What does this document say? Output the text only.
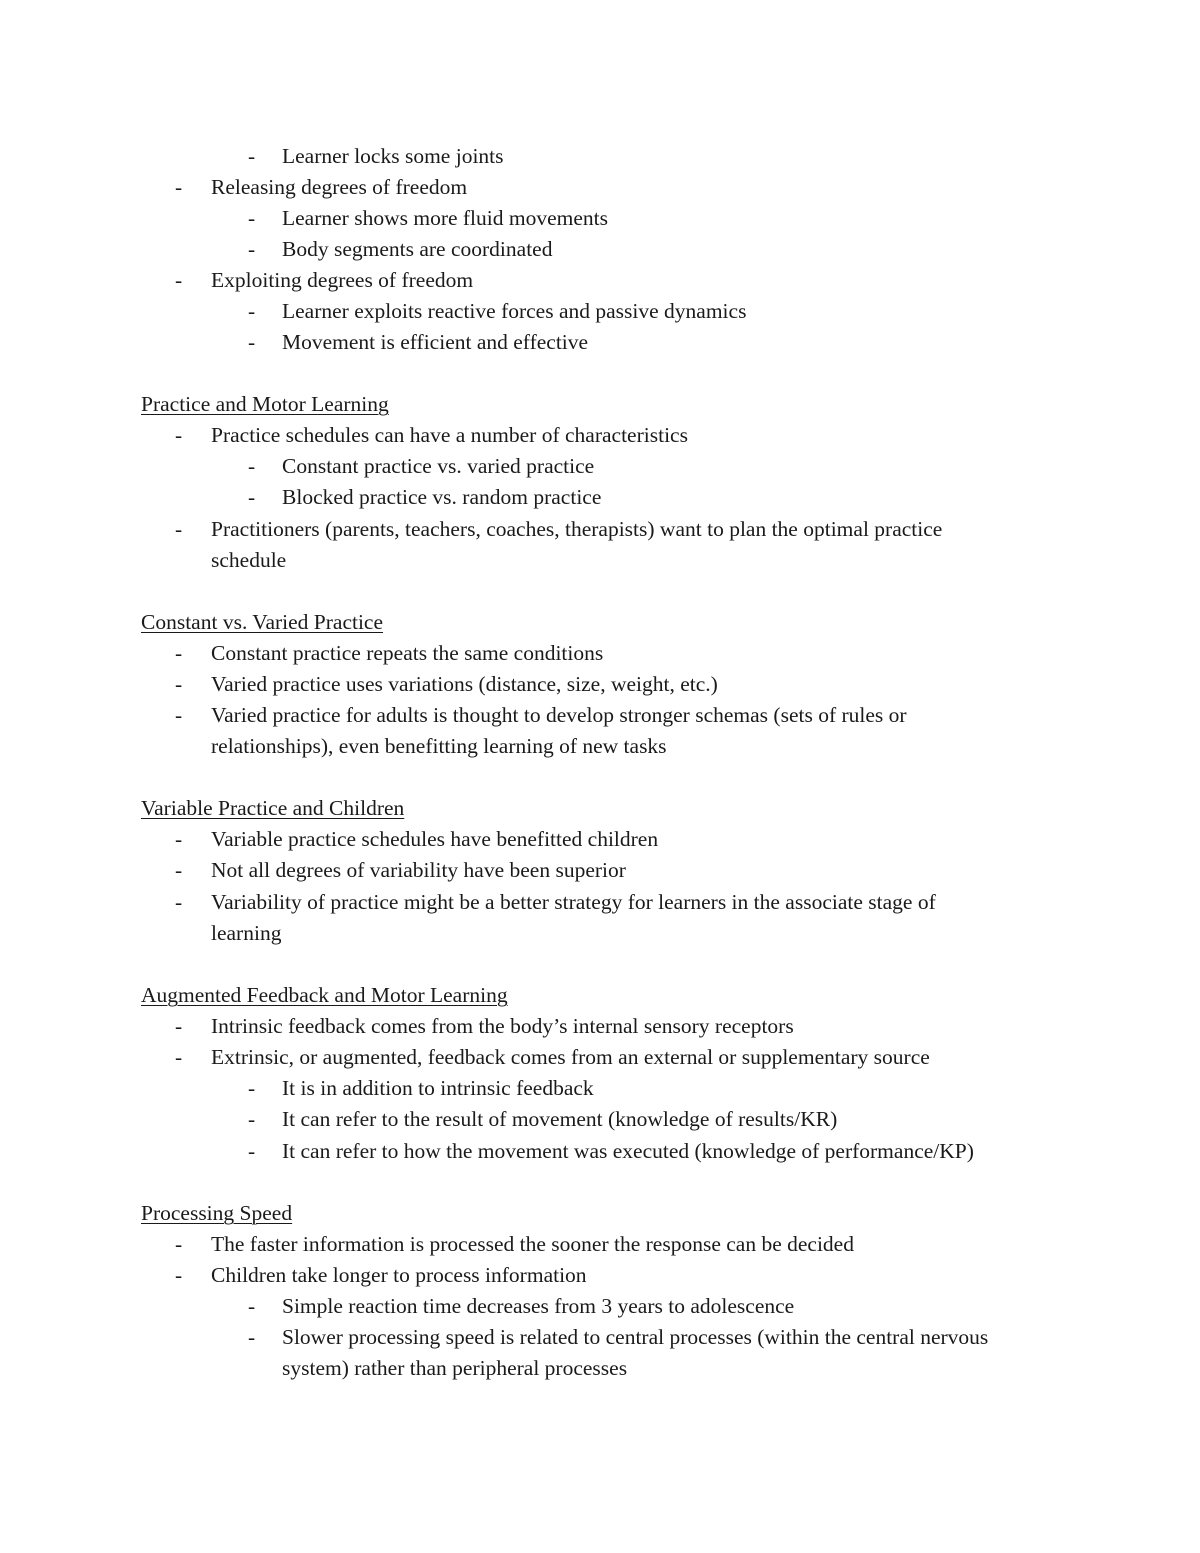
- Learner locks some joints
- Releasing degrees of freedom
- Learner shows more fluid movements
- Body segments are coordinated
- Exploiting degrees of freedom
- Learner exploits reactive forces and passive dynamics
- Movement is efficient and effective
Practice and Motor Learning
- Practice schedules can have a number of characteristics
- Constant practice vs. varied practice
- Blocked practice vs. random practice
- Practitioners (parents, teachers, coaches, therapists) want to plan the optimal practice
schedule
Constant vs. Varied Practice
- Constant practice repeats the same conditions
- Varied practice uses variations (distance, size, weight, etc.)
- Varied practice for adults is thought to develop stronger schemas (sets of rules or
relationships), even benefitting learning of new tasks
Variable Practice and Children
- Variable practice schedules have benefitted children
- Not all degrees of variability have been superior
- Variability of practice might be a better strategy for learners in the associate stage of
learning
Augmented Feedback and Motor Learning
- Intrinsic feedback comes from the body’s internal sensory receptors
- Extrinsic, or augmented, feedback comes from an external or supplementary source
- It is in addition to intrinsic feedback
- It can refer to the result of movement (knowledge of results/KR)
- It can refer to how the movement was executed (knowledge of performance/KP)
Processing Speed
- The faster information is processed the sooner the response can be decided
- Children take longer to process information
- Simple reaction time decreases from 3 years to adolescence
- Slower processing speed is related to central processes (within the central nervous
system) rather than peripheral processes
